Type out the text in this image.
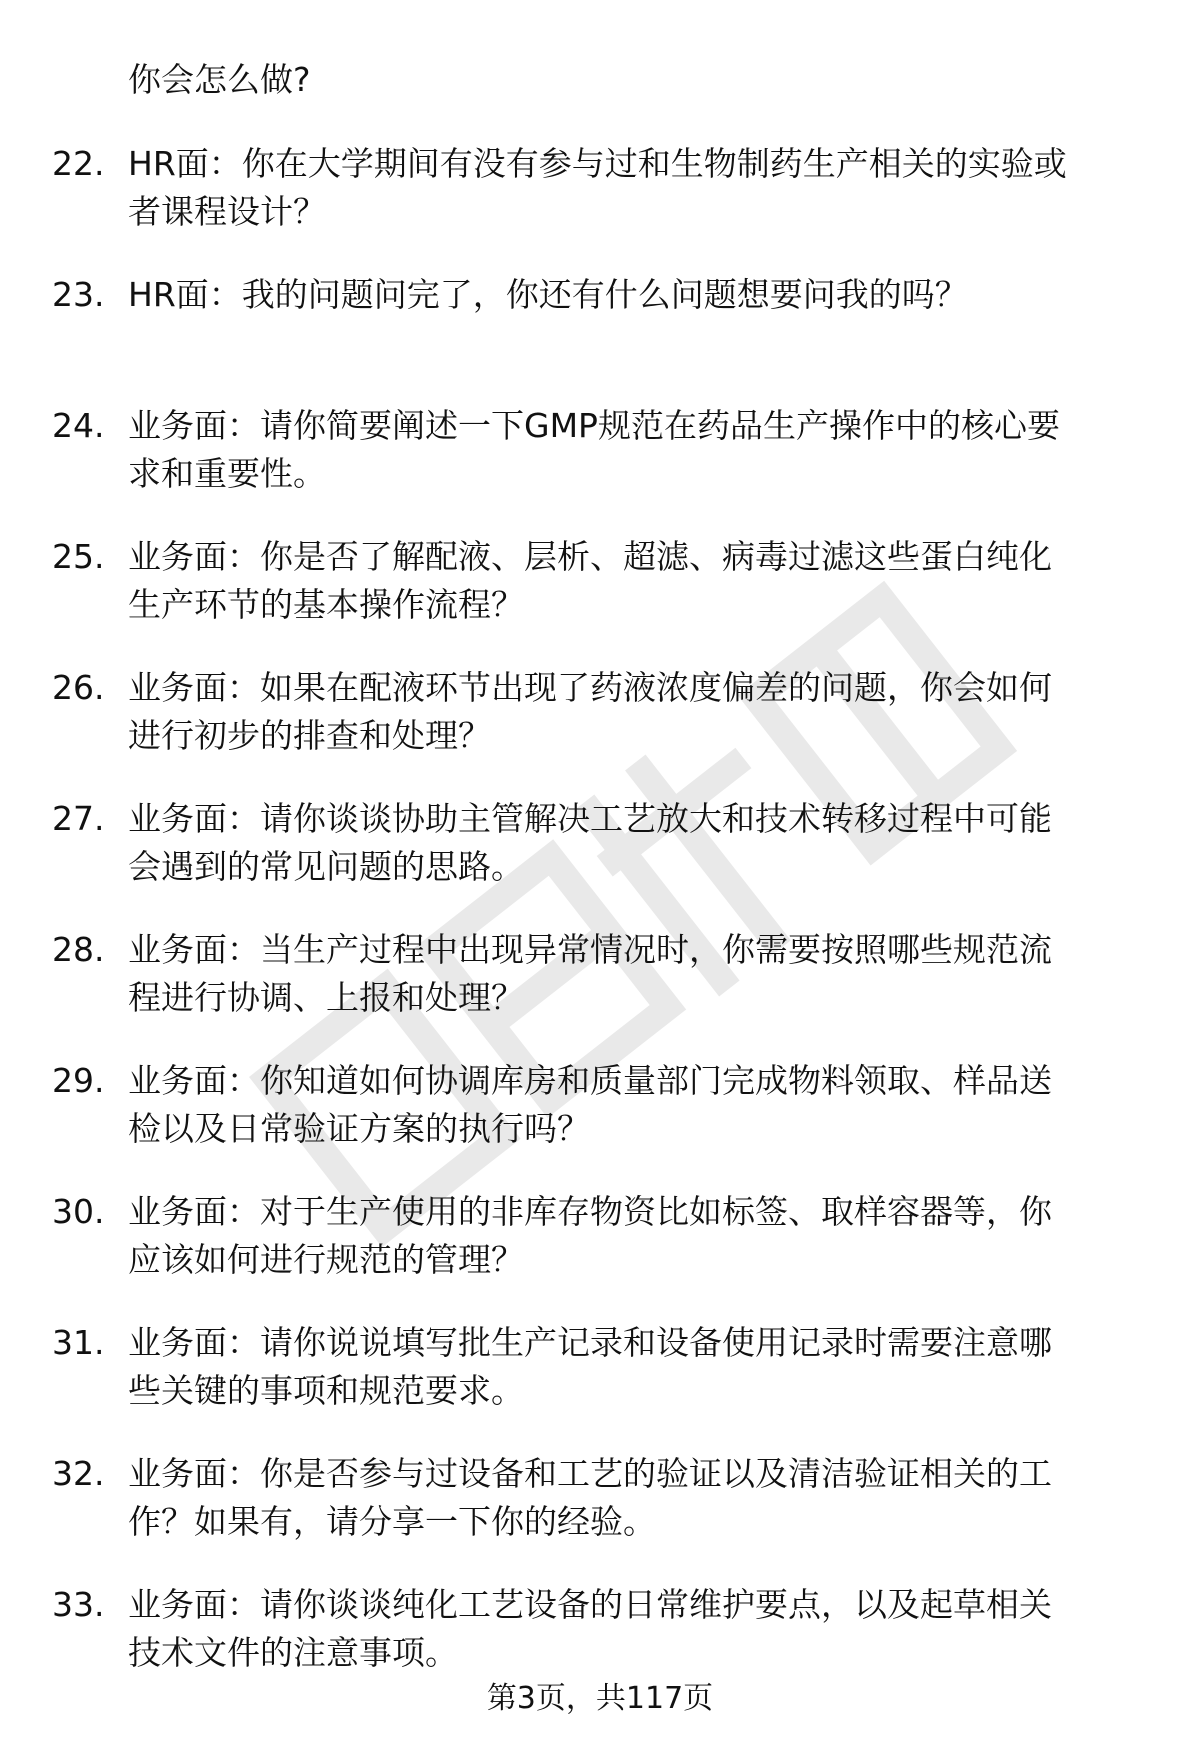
你会怎么做?
22. HR面：你在大学期间有没有参与过和生物制药生产相关的实验或
者课程设计？
23. HR面：我的问题问完了，你还有什么问题想要问我的吗？
24. 业务面：请你简要阐述一下GMP规范在药品生产操作中的核心要
求和重要性。
25. 业务面：你是否了解配液、层析、超滤、病毒过滤这些蛋白纯化
生产环节的基本操作流程？
26. 业务面：如果在配液环节出现了药液浓度偏差的问题，你会如何
进行初步的排查和处理？
27. 业务面：请你谈谈协助主管解决工艺放大和技术转移过程中可能
会遇到的常见问题的思路。
28. 业务面：当生产过程中出现异常情况时，你需要按照哪些规范流
程进行协调、上报和处理？
29. 业务面：你知道如何协调库房和质量部门完成物料领取、样品送
检以及日常验证方案的执行吗？
30. 业务面：对于生产使用的非库存物资比如标签、取样容器等，你
应该如何进行规范的管理？
31. 业务面：请你说说填写批生产记录和设备使用记录时需要注意哪
些关键的事项和规范要求。
32. 业务面：你是否参与过设备和工艺的验证以及清洁验证相关的工
作？如果有，请分享一下你的经验。
33. 业务面：请你谈谈纯化工艺设备的日常维护要点，以及起草相关
技术文件的注意事项。
第3页，共117页
